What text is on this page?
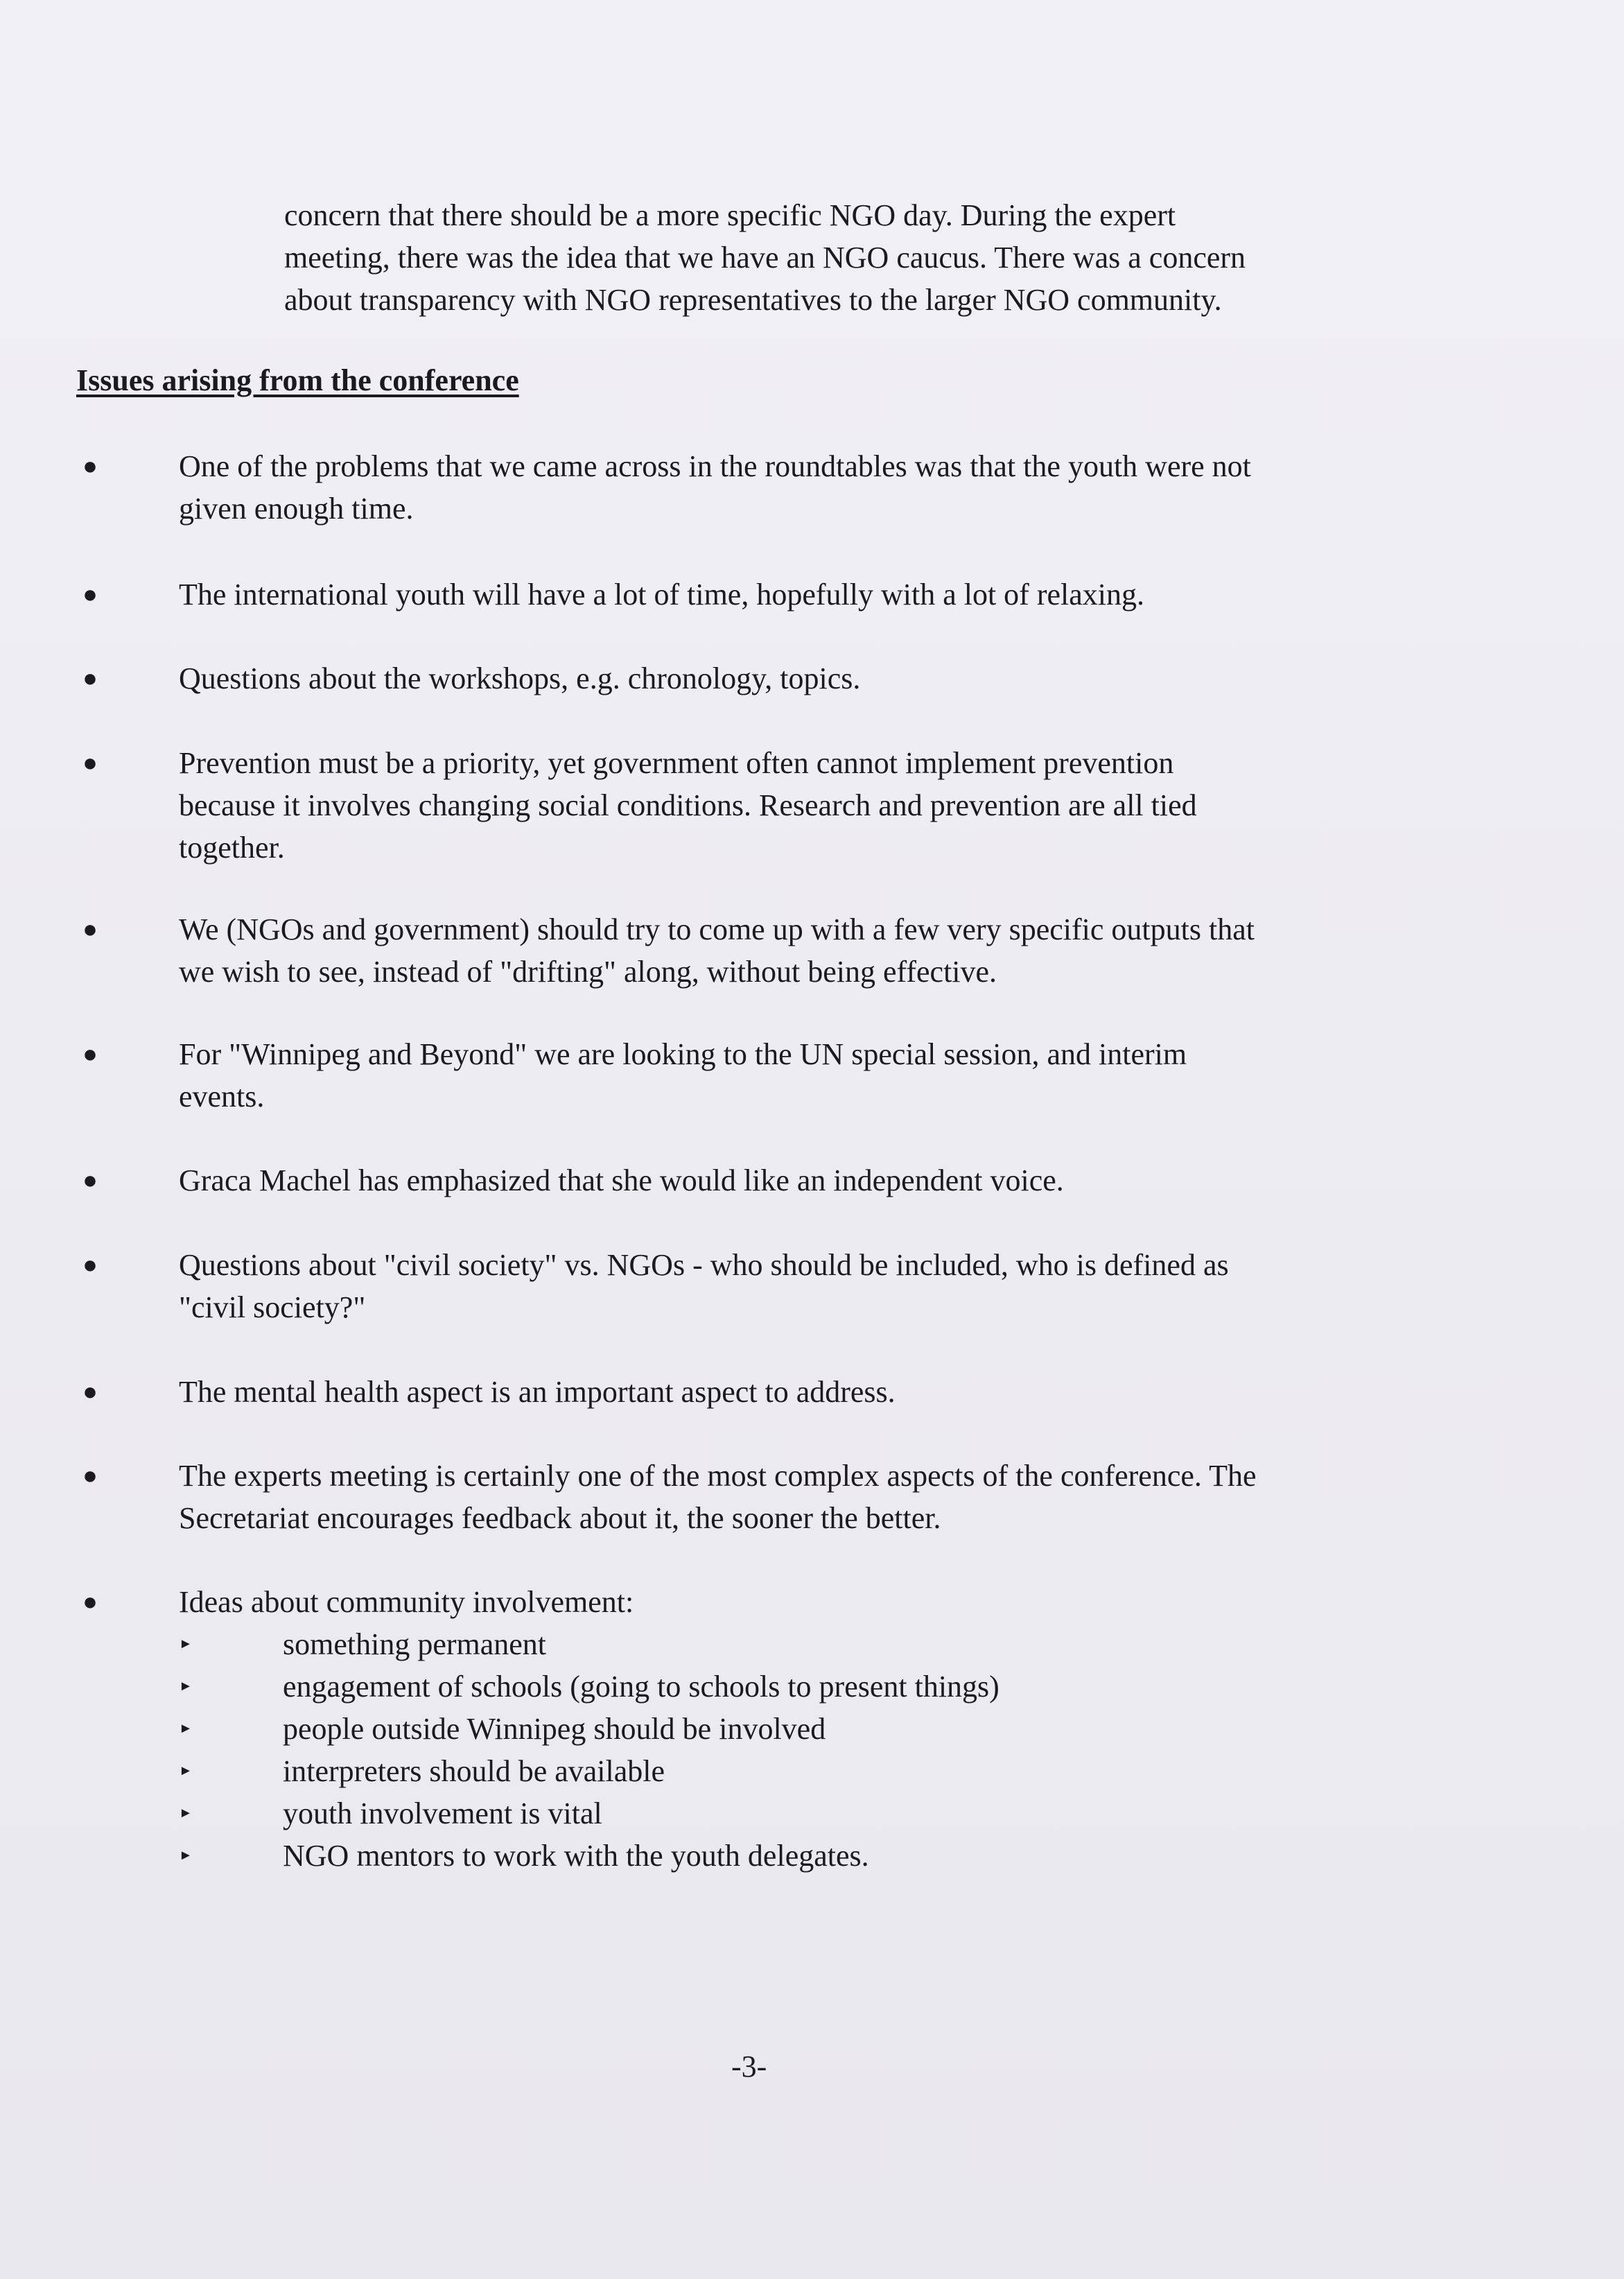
concern that there should be a more specific NGO day. During the expert

meeting, there was the idea that we have an NGO caucus. There was a concern

about transparency with NGO representatives to the larger NGO community.

Issues arising from the conference
●	One of the problems that we came across in the roundtables was that the youth were not
given enough time.
●	The international youth will have a lot of time, hopefully with a lot of relaxing.
●	Questions about the workshops, e.g. chronology, topics.
●	Prevention must be a priority, yet government often cannot implement prevention
because it involves changing social conditions. Research and prevention are all tied
together.
●	We (NGOs and government) should try to come up with a few very specific outputs that
we wish to see, instead of "drifting" along, without being effective.
●	For "Winnipeg and Beyond" we are looking to the UN special session, and interim
events.
●	Graca Machel has emphasized that she would like an independent voice.
●	Questions about "civil society" vs. NGOs - who should be included, who is defined as
"civil society?"
●	The mental health aspect is an important aspect to address.
●	The experts meeting is certainly one of the most complex aspects of the conference. The
Secretariat encourages feedback about it, the sooner the better.
●	Ideas about community involvement:
►	something permanent
►	engagement of schools (going to schools to present things)
►	people outside Winnipeg should be involved
►	interpreters should be available
►	youth involvement is vital
►	NGO mentors to work with the youth delegates.
-3-
